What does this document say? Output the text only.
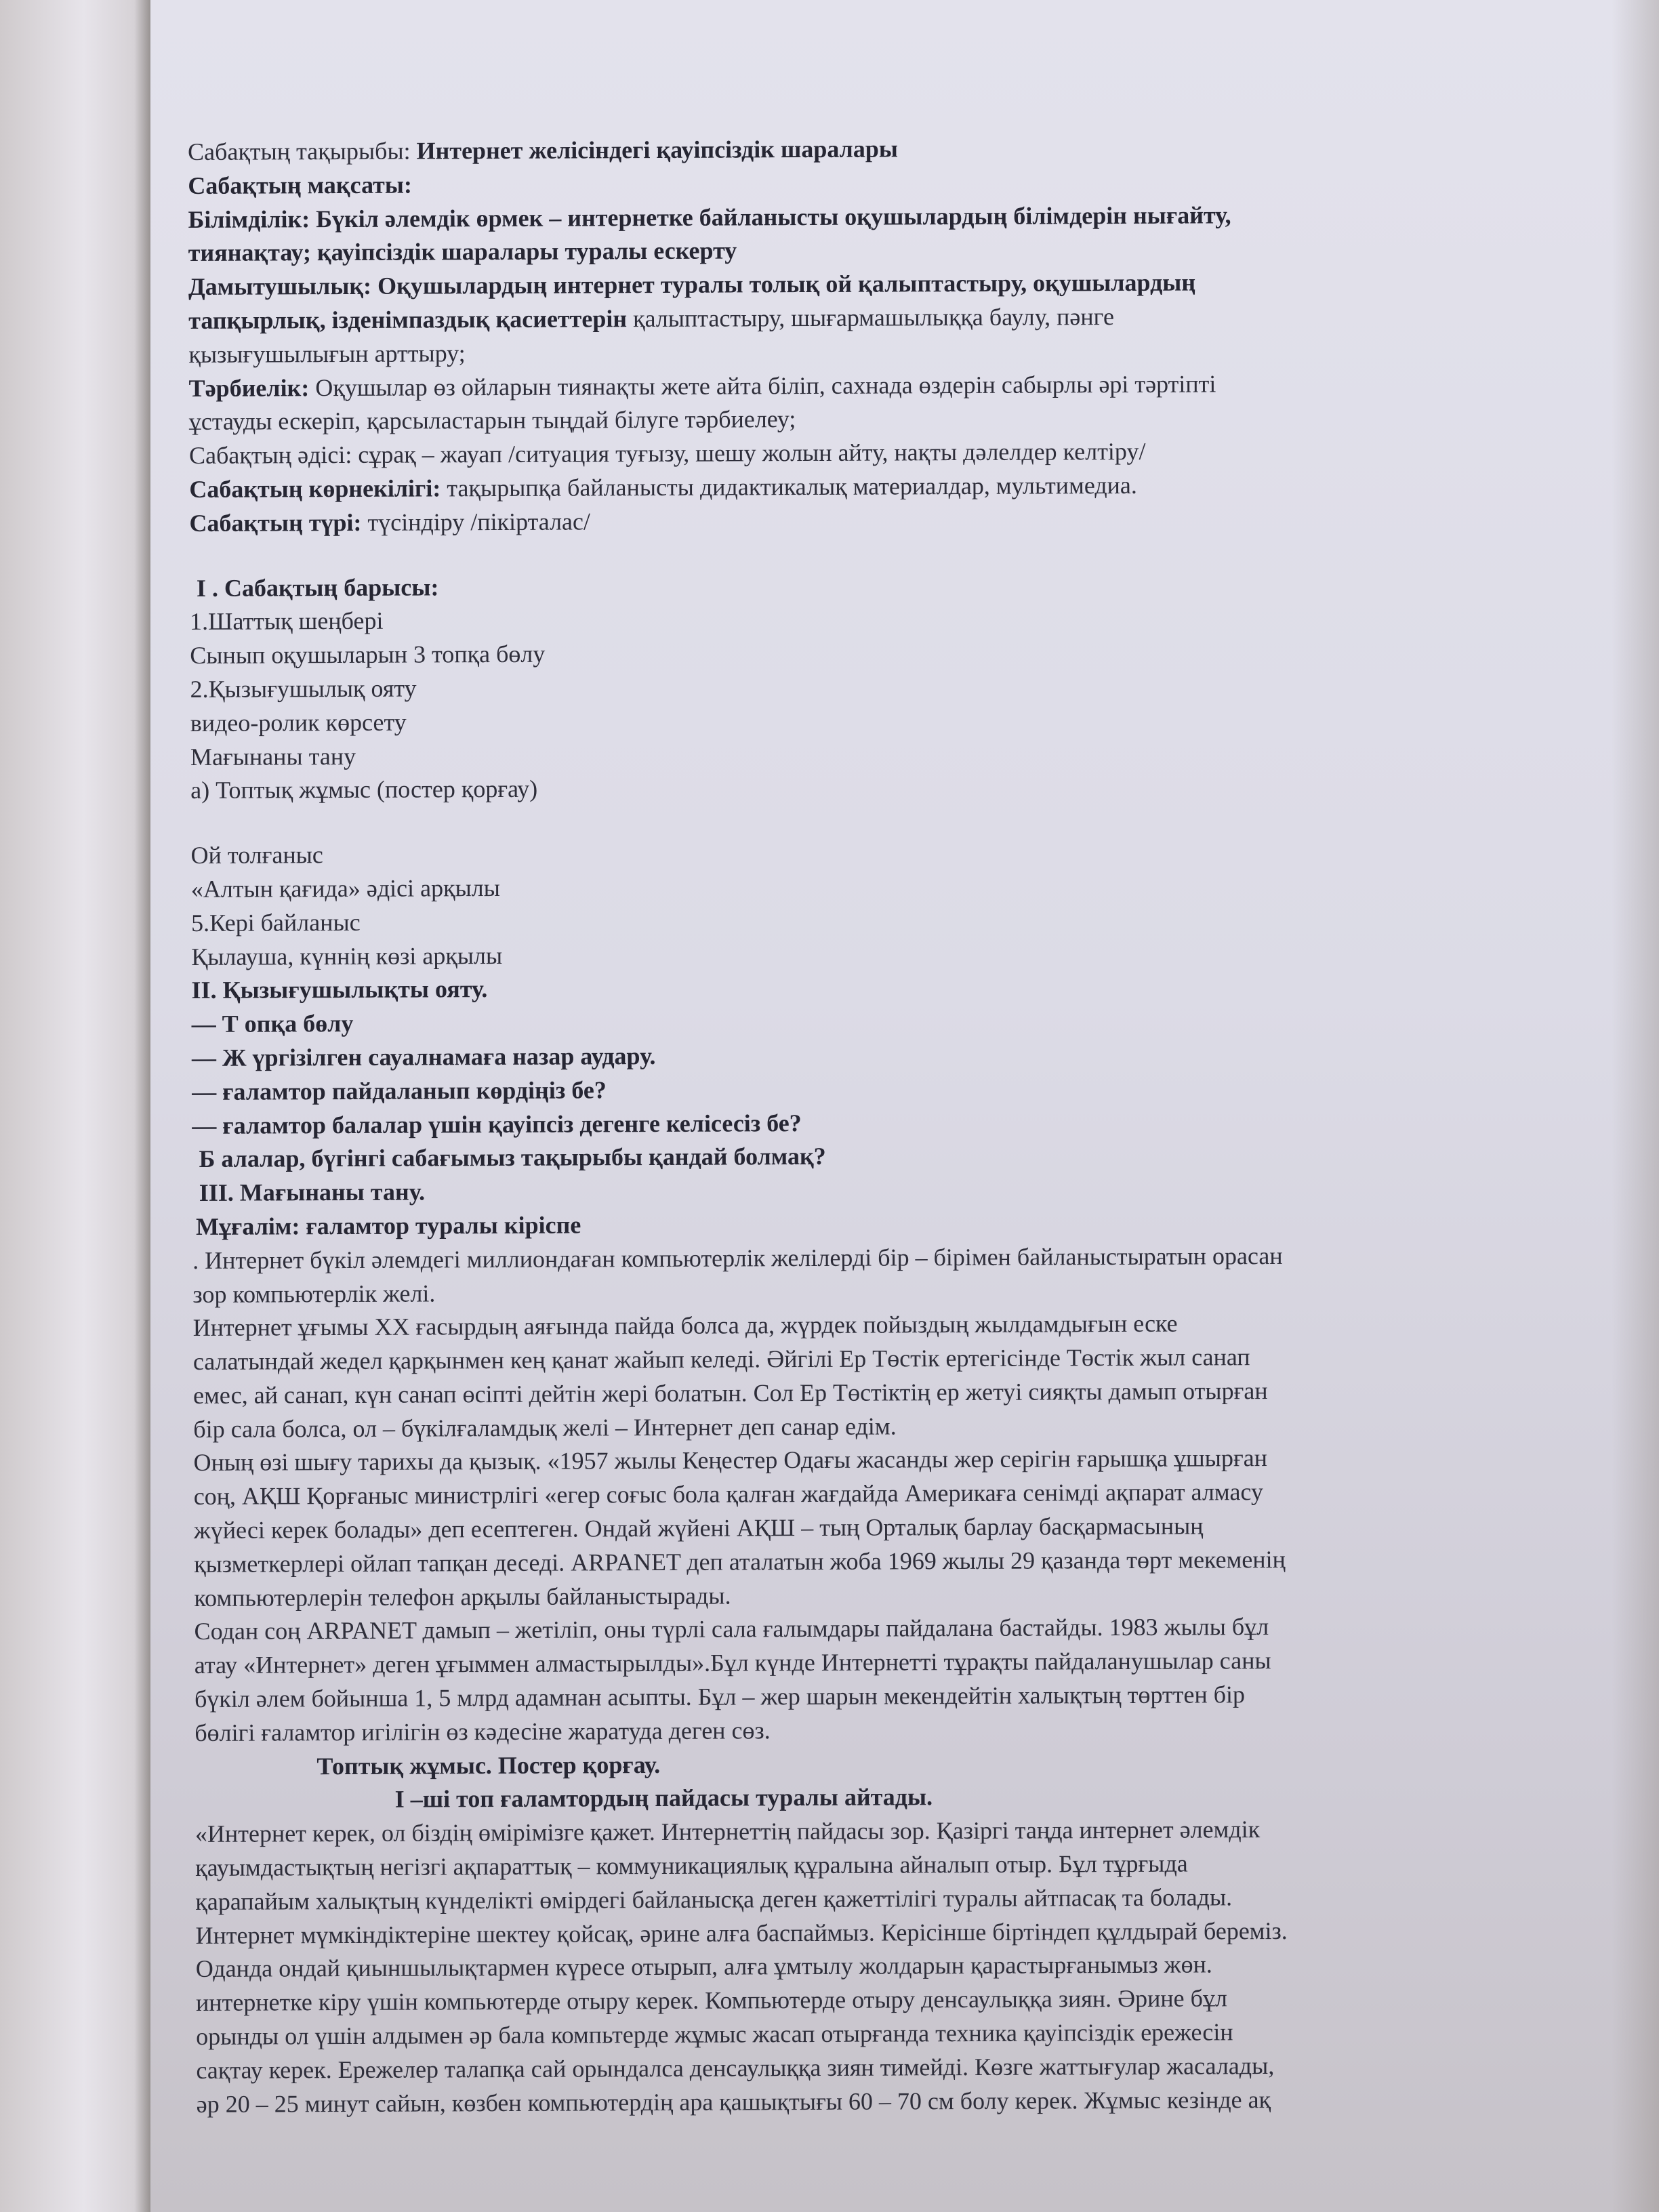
Сабақтың тақырыбы: Интернет желісіндегі қауіпсіздік шаралары

Сабақтың мақсаты:

Білімділік: Бүкіл әлемдік өрмек – интернетке байланысты оқушылардың білімдерін нығайту,

тиянақтау; қауіпсіздік шаралары туралы ескерту

Дамытушылық: Оқушылардың интернет туралы толық ой қалыптастыру, оқушылардың

тапқырлық, ізденімпаздық қасиеттерін қалыптастыру, шығармашылыққа баулу, пәнге

қызығушылығын арттыру;

Тәрбиелік: Оқушылар өз ойларын тиянақты жете айта біліп, сахнада өздерін сабырлы әрі тәртіпті

ұстауды ескеріп, қарсыластарын тыңдай білуге тәрбиелеу;

Сабақтың әдісі: сұрақ – жауап /ситуация туғызу, шешу жолын айту, нақты дәлелдер келтіру/

Сабақтың көрнекілігі: тақырыпқа байланысты дидактикалық материалдар, мультимедиа.

Сабақтың түрі: түсіндіру /пікірталас/

І . Сабақтың барысы:

1.Шаттық шеңбері

Сынып оқушыларын 3 топқа бөлу

2.Қызығушылық ояту

видео-ролик көрсету

Мағынаны тану

а) Топтық жұмыс (постер қорғау)

Ой толғаныс

«Алтын қағида» әдісі арқылы

5.Кері байланыс

Қылауша, күннің көзі арқылы

ІІ. Қызығушылықты ояту.

— Т опқа бөлу

— Ж үргізілген сауалнамаға назар аудару.

— ғаламтор пайдаланып көрдіңіз бе?

— ғаламтор балалар үшін қауіпсіз дегенге келісесіз бе?

Б алалар, бүгінгі сабағымыз тақырыбы қандай болмақ?

ІІІ. Мағынаны тану.

Мұғалім: ғаламтор туралы кіріспе

. Интернет бүкіл әлемдегі миллиондаған компьютерлік желілерді бір – бірімен байланыстыратын орасан

зор компьютерлік желі.

Интернет ұғымы ХХ ғасырдың аяғында пайда болса да, жүрдек пойыздың жылдамдығын еске

салатындай жедел қарқынмен кең қанат жайып келеді. Әйгілі Ер Төстік ертегісінде Төстік жыл санап

емес, ай санап, күн санап өсіпті дейтін жері болатын. Сол Ер Төстіктің ер жетуі сияқты дамып отырған

бір сала болса, ол – бүкілғаламдық желі – Интернет деп санар едім.

Оның өзі шығу тарихы да қызық. «1957 жылы Кеңестер Одағы жасанды жер серігін ғарышқа ұшырған

соң, АҚШ Қорғаныс министрлігі «егер соғыс бола қалған жағдайда Америкаға сенімді ақпарат алмасу

жүйесі керек болады» деп есептеген. Ондай жүйені АҚШ – тың Орталық барлау басқармасының

қызметкерлері ойлап тапқан деседі. ARPANET деп аталатын жоба 1969 жылы 29 қазанда төрт мекеменің

компьютерлерін телефон арқылы байланыстырады.

Содан соң ARPANET дамып – жетіліп, оны түрлі сала ғалымдары пайдалана бастайды. 1983 жылы бұл

атау «Интернет» деген ұғыммен алмастырылды».Бұл күнде Интернетті тұрақты пайдаланушылар саны

бүкіл әлем бойынша 1, 5 млрд адамнан асыпты. Бұл – жер шарын мекендейтін халықтың төрттен бір

бөлігі ғаламтор игілігін өз кәдесіне жаратуда деген сөз.

Топтық жұмыс. Постер қорғау.

І –ші топ ғаламтордың пайдасы туралы айтады.

«Интернет керек, ол біздің өмірімізге қажет. Интернеттің пайдасы зор. Қазіргі таңда интернет әлемдік

қауымдастықтың негізгі ақпараттық – коммуникациялық құралына айналып отыр. Бұл тұрғыда

қарапайым халықтың күнделікті өмірдегі байланысқа деген қажеттілігі туралы айтпасақ та болады.

Интернет мүмкіндіктеріне шектеу қойсақ, әрине алға баспаймыз. Керісінше біртіндеп құлдырай береміз.

Оданда ондай қиыншылықтармен күресе отырып, алға ұмтылу жолдарын қарастырғанымыз жөн.

интернетке кіру үшін компьютерде отыру керек. Компьютерде отыру денсаулыққа зиян. Әрине бұл

орынды ол үшін алдымен әр бала компьтерде жұмыс жасап отырғанда техника қауіпсіздік ережесін

сақтау керек. Ережелер талапқа сай орындалса денсаулыққа зиян тимейді. Көзге жаттығулар жасалады,

әр 20 – 25 минут сайын, көзбен компьютердің ара қашықтығы 60 – 70 см болу керек. Жұмыс кезінде ақ
